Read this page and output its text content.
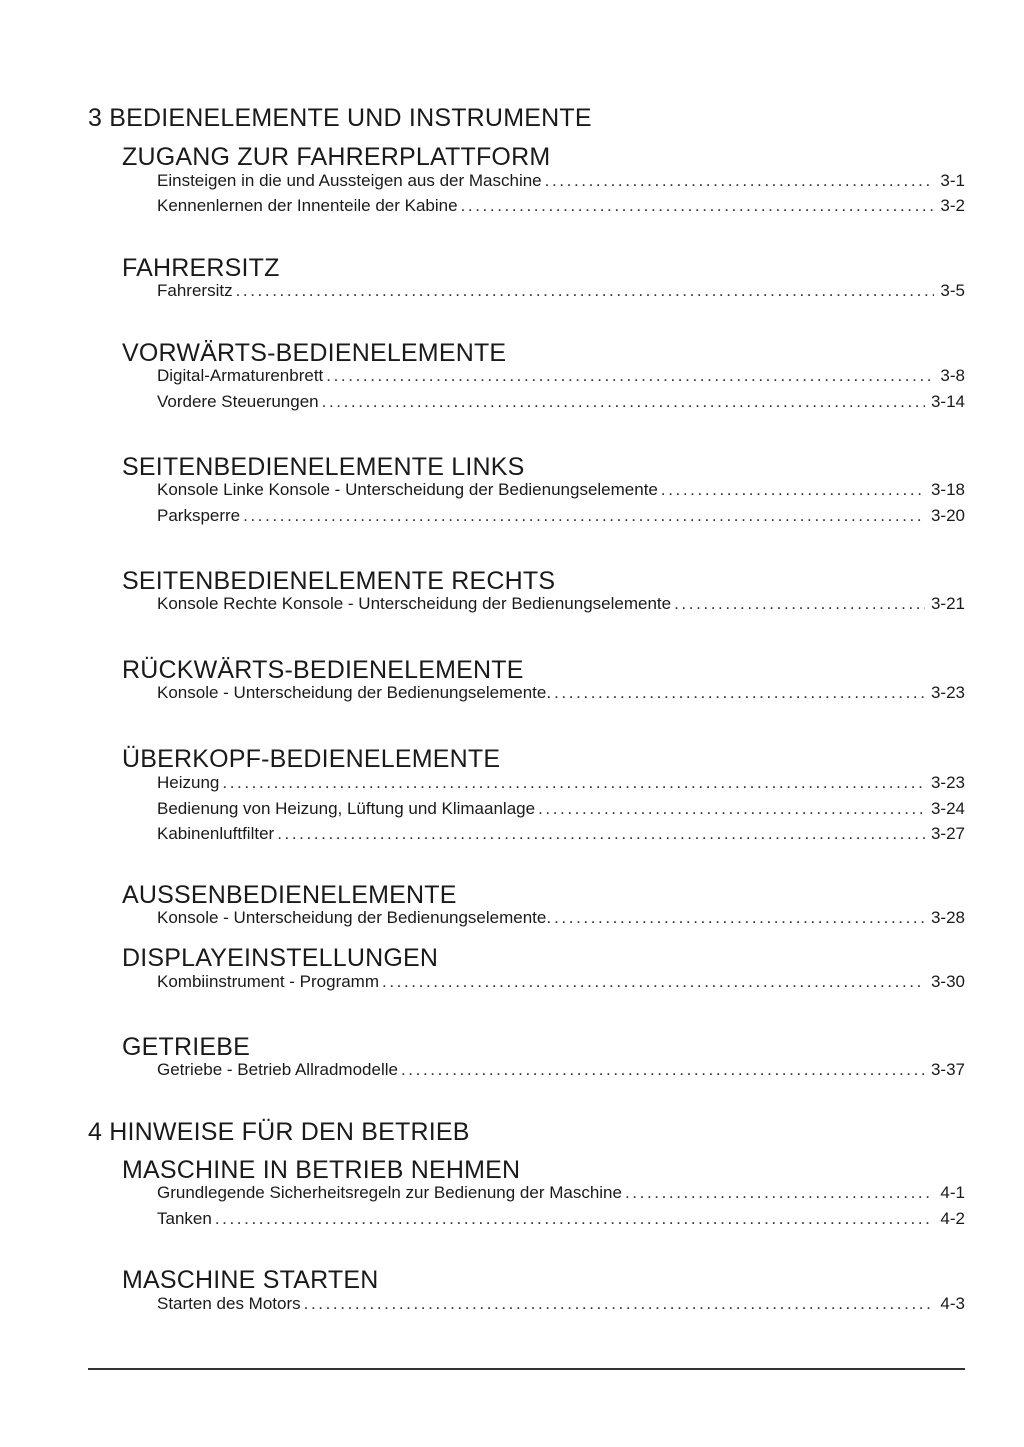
3 BEDIENELEMENTE UND INSTRUMENTE
ZUGANG ZUR FAHRERPLATTFORM
Einsteigen in die und Aussteigen aus der Maschine .....	3-1
Kennenlernen der Innenteile der Kabine .....	3-2
FAHRERSITZ
Fahrersitz .....	3-5
VORWÄRTS-BEDIENELEMENTE
Digital-Armaturenbrett .....	3-8
Vordere Steuerungen .....	3-14
SEITENBEDIENELEMENTE LINKS
Konsole Linke Konsole - Unterscheidung der Bedienungselemente .....	3-18
Parksperre .....	3-20
SEITENBEDIENELEMENTE RECHTS
Konsole Rechte Konsole - Unterscheidung der Bedienungselemente .....	3-21
RÜCKWÄRTS-BEDIENELEMENTE
Konsole - Unterscheidung der Bedienungselemente. .....	3-23
ÜBERKOPF-BEDIENELEMENTE
Heizung .....	3-23
Bedienung von Heizung, Lüftung und Klimaanlage .....	3-24
Kabinenluftfilter .....	3-27
AUSSENBEDIENELEMENTE
Konsole - Unterscheidung der Bedienungselemente. .....	3-28
DISPLAYEINSTELLUNGEN
Kombiinstrument - Programm .....	3-30
GETRIEBE
Getriebe - Betrieb Allradmodelle .....	3-37
4 HINWEISE FÜR DEN BETRIEB
MASCHINE IN BETRIEB NEHMEN
Grundlegende Sicherheitsregeln zur Bedienung der Maschine .....	4-1
Tanken .....	4-2
MASCHINE STARTEN
Starten des Motors .....	4-3
